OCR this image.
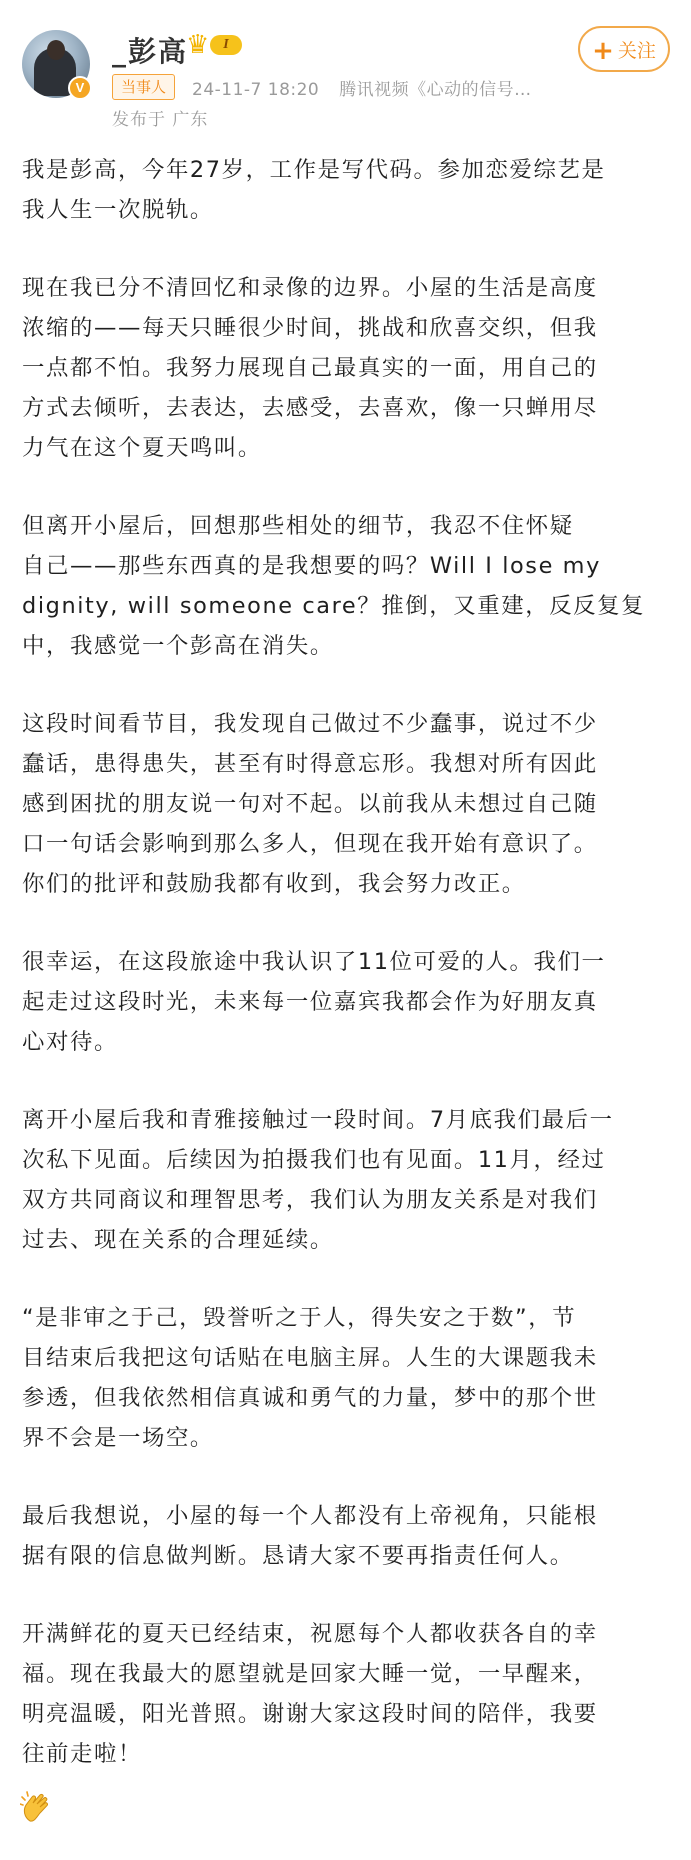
V
_彭高
♛ I
当事人	24-11-7 18:20 腾讯视频《心动的信号…
发布于 广东
+ 关注

我是彭高，今年27岁，工作是写代码。参加恋爱综艺是
我人生一次脱轨。

现在我已分不清回忆和录像的边界。小屋的生活是高度
浓缩的——每天只睡很少时间，挑战和欣喜交织，但我
一点都不怕。我努力展现自己最真实的一面，用自己的
方式去倾听，去表达，去感受，去喜欢，像一只蝉用尽
力气在这个夏天鸣叫。

但离开小屋后，回想那些相处的细节，我忍不住怀疑
自己——那些东西真的是我想要的吗？Will I lose my
dignity, will someone care？推倒，又重建，反反复复
中，我感觉一个彭高在消失。

这段时间看节目，我发现自己做过不少蠢事，说过不少
蠢话，患得患失，甚至有时得意忘形。我想对所有因此
感到困扰的朋友说一句对不起。以前我从未想过自己随
口一句话会影响到那么多人，但现在我开始有意识了。
你们的批评和鼓励我都有收到，我会努力改正。

很幸运，在这段旅途中我认识了11位可爱的人。我们一
起走过这段时光，未来每一位嘉宾我都会作为好朋友真
心对待。

离开小屋后我和青雅接触过一段时间。7月底我们最后一
次私下见面。后续因为拍摄我们也有见面。11月，经过
双方共同商议和理智思考，我们认为朋友关系是对我们
过去、现在关系的合理延续。

“是非审之于己，毁誉听之于人，得失安之于数”，节
目结束后我把这句话贴在电脑主屏。人生的大课题我未
参透，但我依然相信真诚和勇气的力量，梦中的那个世
界不会是一场空。

最后我想说，小屋的每一个人都没有上帝视角，只能根
据有限的信息做判断。恳请大家不要再指责任何人。

开满鲜花的夏天已经结束，祝愿每个人都收获各自的幸
福。现在我最大的愿望就是回家大睡一觉，一早醒来，
明亮温暖，阳光普照。谢谢大家这段时间的陪伴，我要
往前走啦！
